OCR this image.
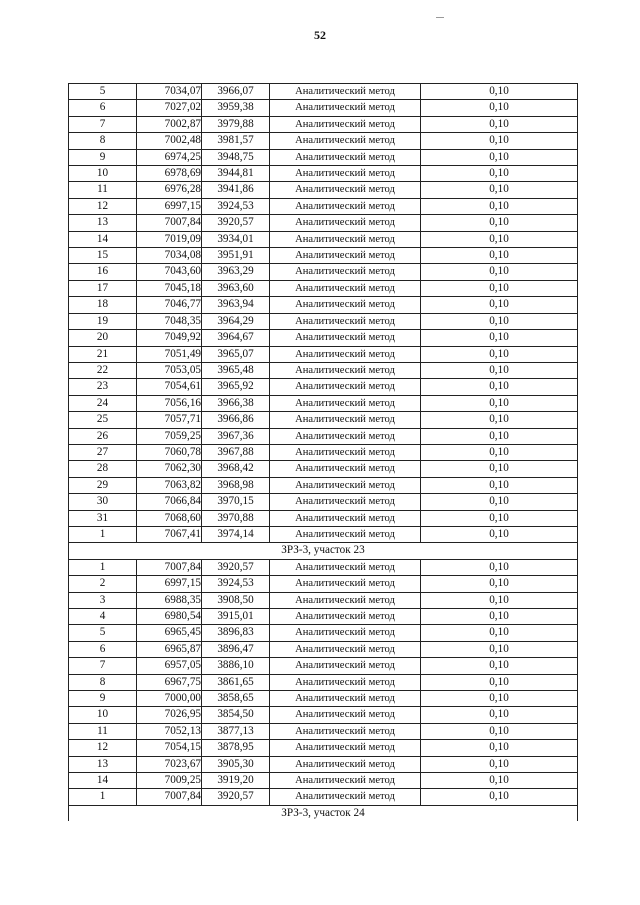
52
5	7034,07	3966,07	Аналитический метод	0,10
6	7027,02	3959,38	Аналитический метод	0,10
7	7002,87	3979,88	Аналитический метод	0,10
8	7002,48	3981,57	Аналитический метод	0,10
9	6974,25	3948,75	Аналитический метод	0,10
10	6978,69	3944,81	Аналитический метод	0,10
11	6976,28	3941,86	Аналитический метод	0,10
12	6997,15	3924,53	Аналитический метод	0,10
13	7007,84	3920,57	Аналитический метод	0,10
14	7019,09	3934,01	Аналитический метод	0,10
15	7034,08	3951,91	Аналитический метод	0,10
16	7043,60	3963,29	Аналитический метод	0,10
17	7045,18	3963,60	Аналитический метод	0,10
18	7046,77	3963,94	Аналитический метод	0,10
19	7048,35	3964,29	Аналитический метод	0,10
20	7049,92	3964,67	Аналитический метод	0,10
21	7051,49	3965,07	Аналитический метод	0,10
22	7053,05	3965,48	Аналитический метод	0,10
23	7054,61	3965,92	Аналитический метод	0,10
24	7056,16	3966,38	Аналитический метод	0,10
25	7057,71	3966,86	Аналитический метод	0,10
26	7059,25	3967,36	Аналитический метод	0,10
27	7060,78	3967,88	Аналитический метод	0,10
28	7062,30	3968,42	Аналитический метод	0,10
29	7063,82	3968,98	Аналитический метод	0,10
30	7066,84	3970,15	Аналитический метод	0,10
31	7068,60	3970,88	Аналитический метод	0,10
1	7067,41	3974,14	Аналитический метод	0,10
ЗРЗ-3, участок 23				
1	7007,84	3920,57	Аналитический метод	0,10
2	6997,15	3924,53	Аналитический метод	0,10
3	6988,35	3908,50	Аналитический метод	0,10
4	6980,54	3915,01	Аналитический метод	0,10
5	6965,45	3896,83	Аналитический метод	0,10
6	6965,87	3896,47	Аналитический метод	0,10
7	6957,05	3886,10	Аналитический метод	0,10
8	6967,75	3861,65	Аналитический метод	0,10
9	7000,00	3858,65	Аналитический метод	0,10
10	7026,95	3854,50	Аналитический метод	0,10
11	7052,13	3877,13	Аналитический метод	0,10
12	7054,15	3878,95	Аналитический метод	0,10
13	7023,67	3905,30	Аналитический метод	0,10
14	7009,25	3919,20	Аналитический метод	0,10
1	7007,84	3920,57	Аналитический метод	0,10
ЗРЗ-3, участок 24				
